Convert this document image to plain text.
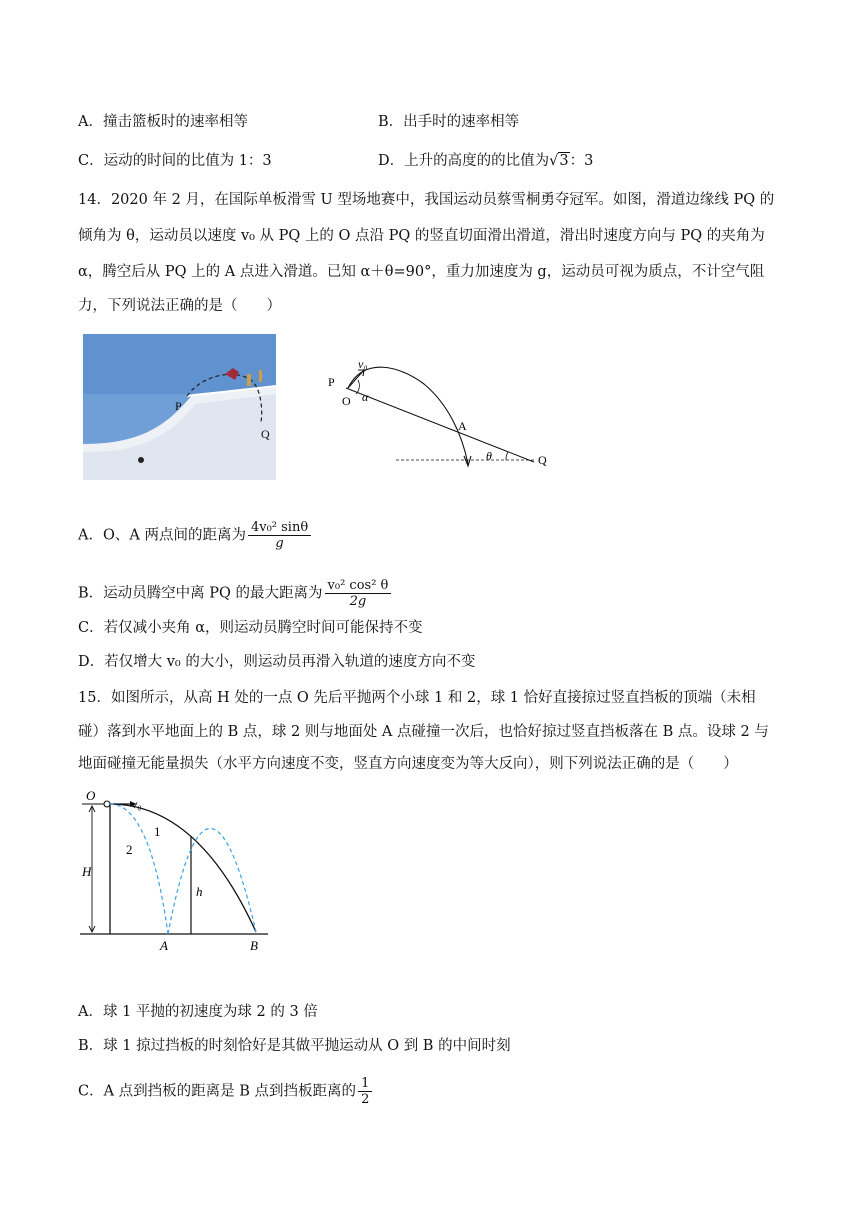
A．撞击篮板时的速率相等	B．出手时的速率相等
C．运动的时间的比值为 1：3	D．上升的高度的的比值为√3：3
14．2020 年 2 月，在国际单板滑雪 U 型场地赛中，我国运动员蔡雪桐勇夺冠军。如图，滑道边缘线 PQ 的
倾角为 θ，运动员以速度 v₀ 从 PQ 上的 O 点沿 PQ 的竖直切面滑出滑道，滑出时速度方向与 PQ 的夹角为
α，腾空后从 PQ 上的 A 点进入滑道。已知 α＋θ=90°，重力加速度为 g，运动员可视为质点，不计空气阻
力，下列说法正确的是（　　）
P
Q
P
O α
v₀
A
θ	Q
A．O、A 两点间的距离为 $\frac{\text{4v₀² sinθ}}{g}$
B．运动员腾空中离 PQ 的最大距离为 $\frac{\text{v₀² cos² θ}}{2g}$
C．若仅减小夹角 α，则运动员腾空时间可能保持不变
D．若仅增大 v₀ 的大小，则运动员再滑入轨道的速度方向不变
15．如图所示，从高 H 处的一点 O 先后平抛两个小球 1 和 2，球 1 恰好直接掠过竖直挡板的顶端（未相
碰）落到水平地面上的 B 点，球 2 则与地面处 A 点碰撞一次后，也恰好掠过竖直挡板落在 B 点。设球 2 与
地面碰撞无能量损失（水平方向速度不变，竖直方向速度变为等大反向），则下列说法正确的是（　　）
O
v₀
H
h
1
2
A	B
A．球 1 平抛的初速度为球 2 的 3 倍
B．球 1 掠过挡板的时刻恰好是其做平抛运动从 O 到 B 的中间时刻
C．A 点到挡板的距离是 B 点到挡板距离的 $\frac{1}{2}$
